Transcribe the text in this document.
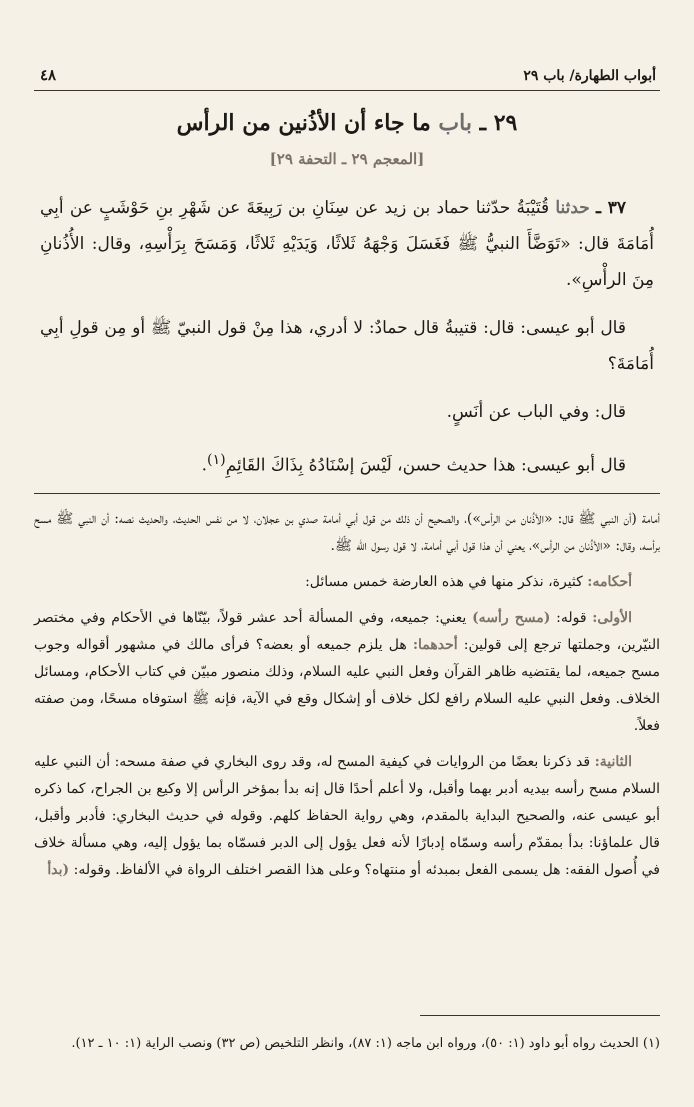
٤٨	أبواب الطهارة/ باب ٢٩
٢٩ ـ باب ما جاء أن الأذُنين من الرأس
[المعجم ٢٩ ـ التحفة ٢٩]

٣٧ ـ حدثنا قُتَيْبَةُ حدّثنا حماد بن زيد عن سِنَانِ بن رَبِيعَةَ عن شَهْرِ بنِ حَوْشَبٍ عن أبِي أُمَامَةَ قال: «تَوَضَّأَ النبيُّ ﷺ فَغَسَلَ وَجْهَهُ ثَلاثًا، وَيَدَيْهِ ثَلاثًا، وَمَسَحَ بِرَأْسِهِ، وقال: الأُذُنانِ مِنَ الرأْسِ».

قال أبو عيسى: قال: قتيبةُ قال حمادٌ: لا أدري، هذا مِنْ قول النبيّ ﷺ أو مِن قولِ أبِي أُمَامَةَ؟

قال: وفي الباب عن أنَسٍ.

قال أبو عيسى: هذا حديث حسن، لَيْسَ إسْنَادُهُ بِذَاكَ القَائِمِ$^{(١)}$.

أمامة (أن النبي ﷺ قال: «الأذُنان من الرأس»)، والصحيح أن ذلك من قول أبي أمامة صدي بن عجلان، لا من نفس الحديث، والحديث نصه: أن النبي ﷺ مسح برأسه، وقال: «الأذُنان من الرأس»، يعني أن هذا قول أبي أمامة، لا قول رسول الله ﷺ.

أحكامه: كثيرة، نذكر منها في هذه العارضة خمس مسائل:

الأولى: قوله: (مسح رأسه) يعني: جميعه، وفي المسألة أحد عشر قولاً، بيّنّاها في الأحكام وفي مختصر النيّرين، وجملتها ترجع إلى قولين: أحدهما: هل يلزم جميعه أو بعضه؟ فرأى مالك في مشهور أقواله وجوب مسح جميعه، لما يقتضيه ظاهر القرآن وفعل النبي عليه السلام، وذلك منصور مبيّن في كتاب الأحكام، ومسائل الخلاف. وفعل النبي عليه السلام رافع لكل خلاف أو إشكال وقع في الآية، فإنه ﷺ استوفاه مسحًا، ومن صفته فعلاً.

الثانية: قد ذكرنا بعضًا من الروايات في كيفية المسح له، وقد روى البخاري في صفة مسحه: أن النبي عليه السلام مسح رأسه بيديه أدبر بهما وأقبل، ولا أعلم أحدًا قال إنه بدأ بمؤخر الرأس إلا وكيع بن الجراح، كما ذكره أبو عيسى عنه، والصحيح البداية بالمقدم، وهي رواية الحفاظ كلهم. وقوله في حديث البخاري: فأدبر وأقبل، قال علماؤنا: بدأ بمقدّم رأسه وسمّاه إدبارًا لأنه فعل يؤول إلى الدبر فسمّاه بما يؤول إليه، وهي مسألة خلاف في أُصول الفقه: هل يسمى الفعل بمبدئه أو منتهاه؟ وعلى هذا القصر اختلف الرواة في الألفاظ. وقوله: (بدأ

(١) الحديث رواه أبو داود (١: ٥٠)، ورواه ابن ماجه (١: ٨٧)، وانظر التلخيص (ص ٣٢) ونصب الراية (١: ١٠ ـ ١٢).
